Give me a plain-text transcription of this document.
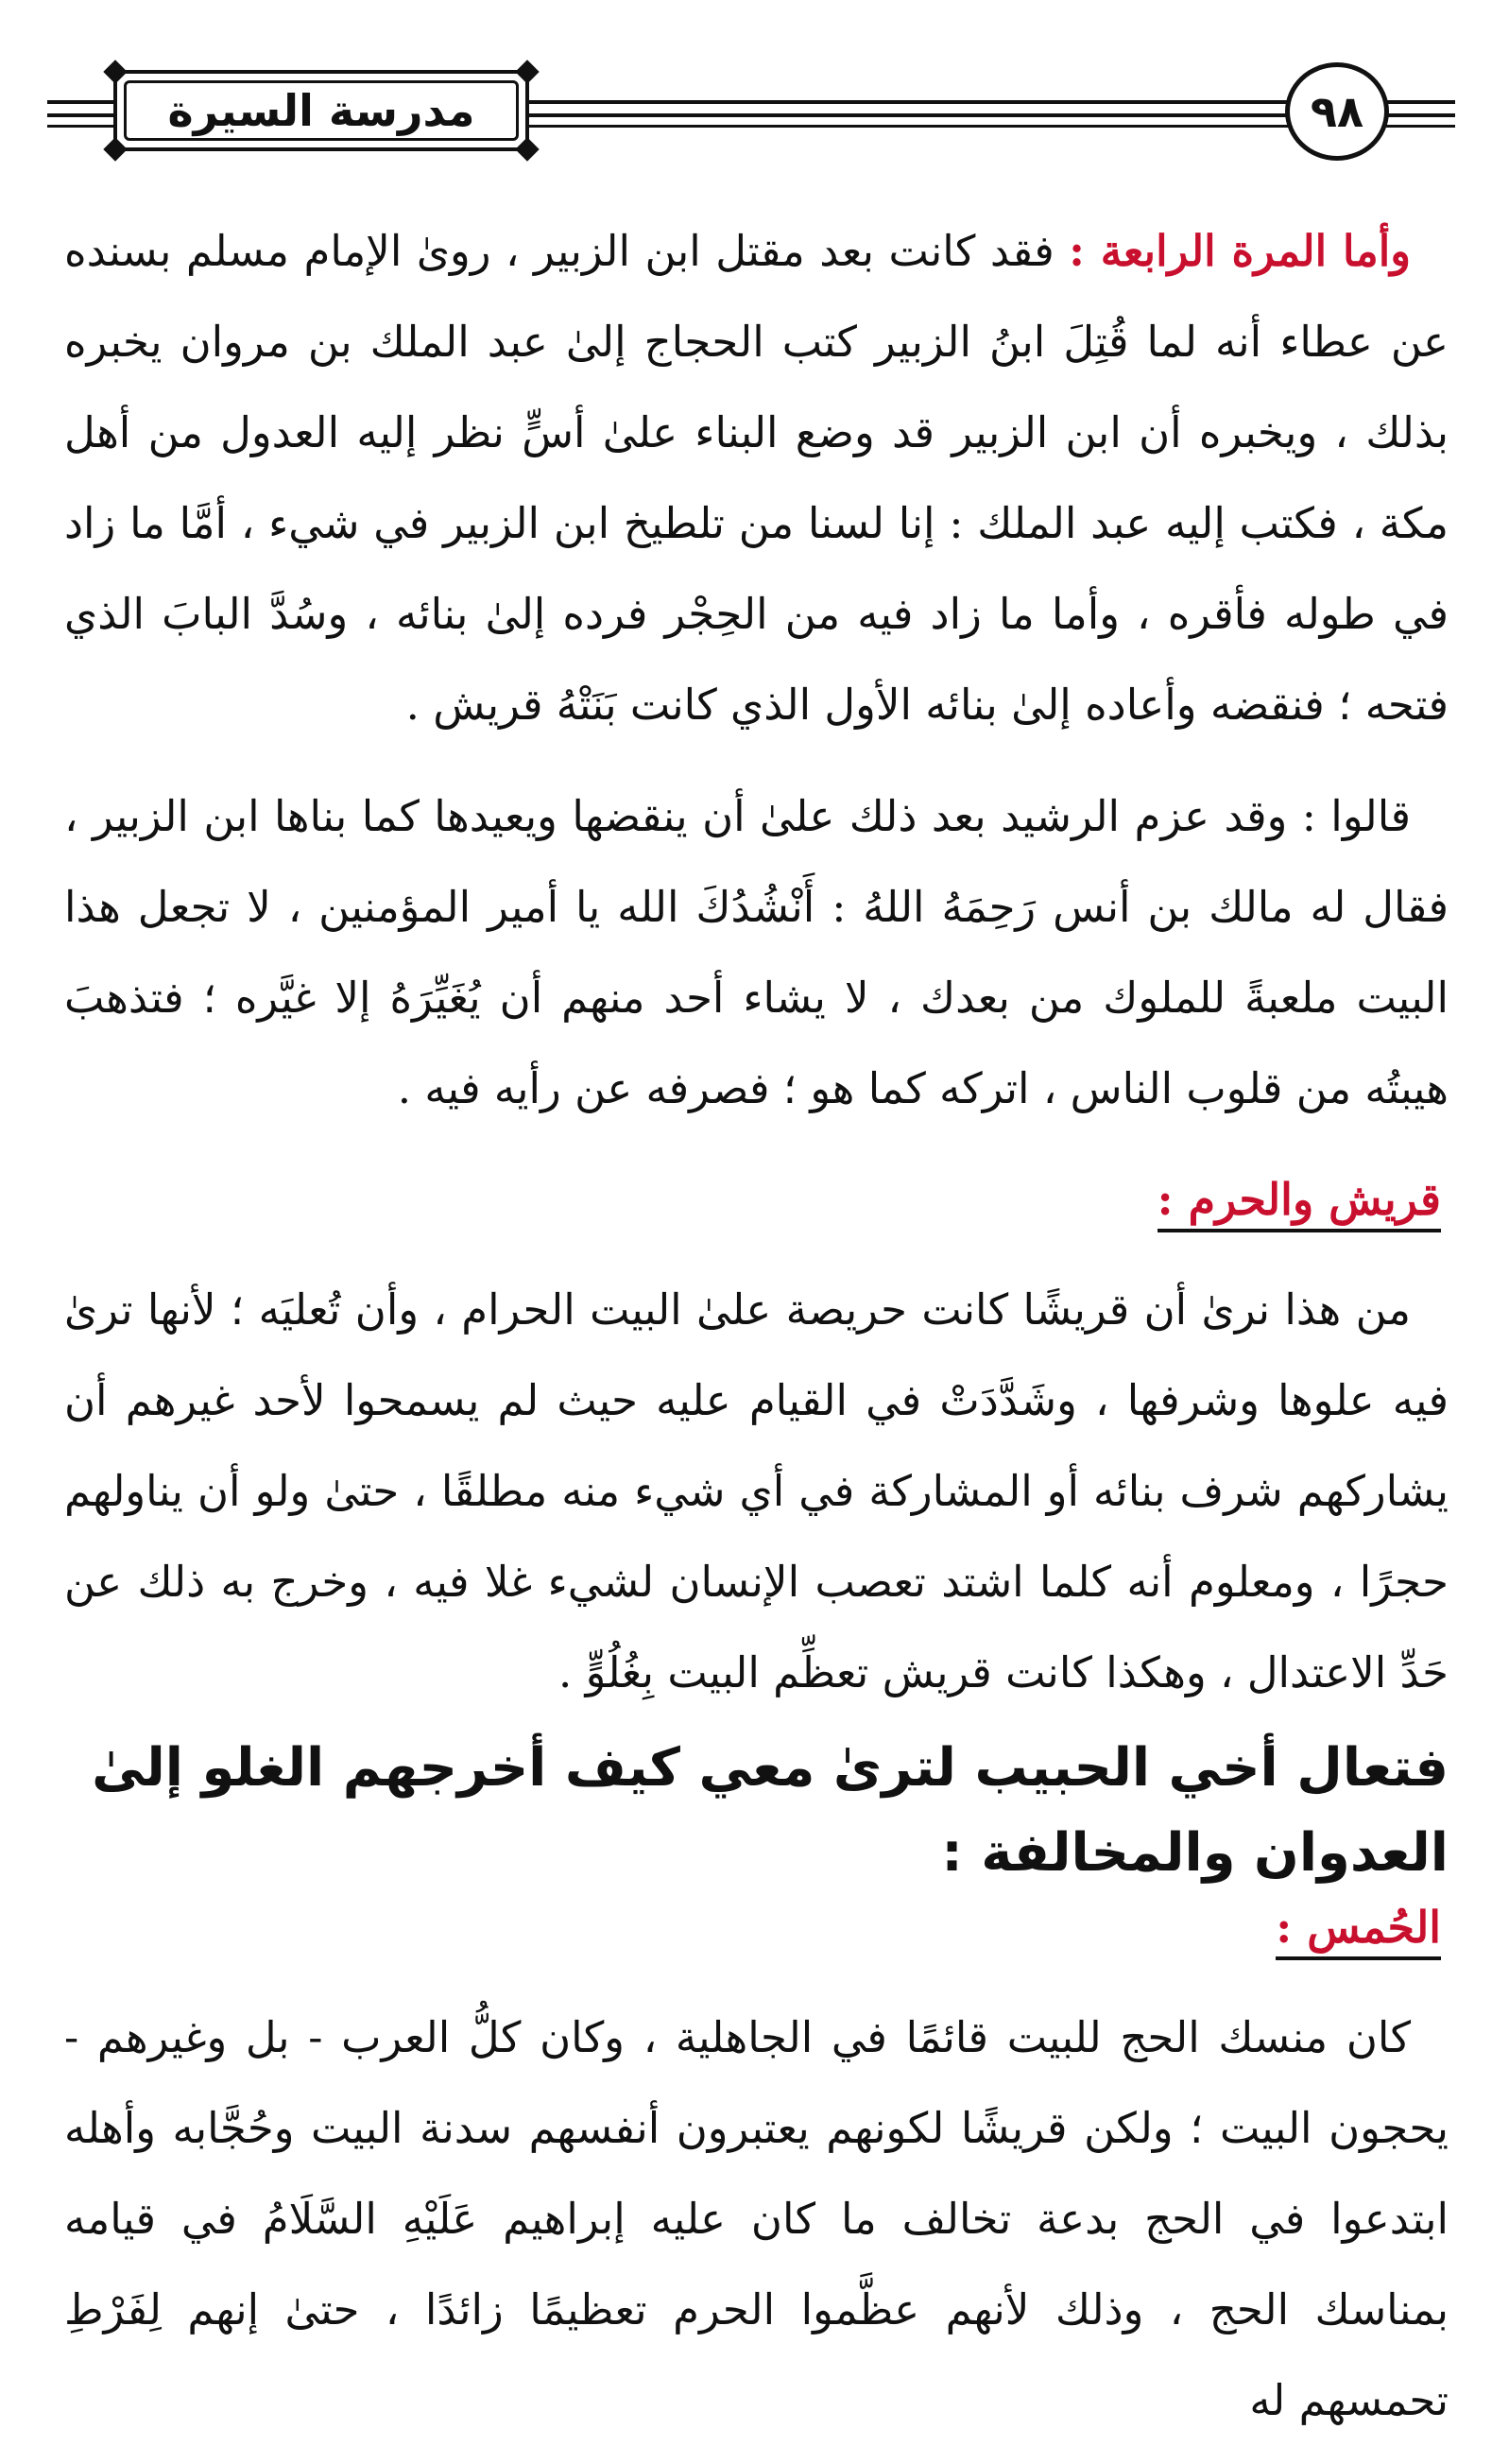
مدرسة السيرة	٩٨

وأما المرة الرابعة : فقد كانت بعد مقتل ابن الزبير ، روىٰ الإمام مسلم بسنده عن عطاء أنه لما قُتِلَ ابنُ الزبير كتب الحجاج إلىٰ عبد الملك بن مروان يخبره بذلك ، ويخبره أن ابن الزبير قد وضع البناء علىٰ أسٍّ نظر إليه العدول من أهل مكة ، فكتب إليه عبد الملك : إنا لسنا من تلطيخ ابن الزبير في شيء ، أمَّا ما زاد في طوله فأقره ، وأما ما زاد فيه من الحِجْر فرده إلىٰ بنائه ، وسُدَّ البابَ الذي فتحه ؛ فنقضه وأعاده إلىٰ بنائه الأول الذي كانت بَنَتْهُ قريش .

قالوا : وقد عزم الرشيد بعد ذلك علىٰ أن ينقضها ويعيدها كما بناها ابن الزبير ، فقال له مالك بن أنس رَحِمَهُ اللهُ : أَنْشُدُكَ الله يا أمير المؤمنين ، لا تجعل هذا البيت ملعبةً للملوك من بعدك ، لا يشاء أحد منهم أن يُغَيِّرَهُ إلا غيَّره ؛ فتذهبَ هيبتُه من قلوب الناس ، اتركه كما هو ؛ فصرفه عن رأيه فيه .

قريش والحرم :

من هذا نرىٰ أن قريشًا كانت حريصة علىٰ البيت الحرام ، وأن تُعليَه ؛ لأنها ترىٰ فيه علوها وشرفها ، وشَدَّدَتْ في القيام عليه حيث لم يسمحوا لأحد غيرهم أن يشاركهم شرف بنائه أو المشاركة في أي شيء منه مطلقًا ، حتىٰ ولو أن يناولهم حجرًا ، ومعلوم أنه كلما اشتد تعصب الإنسان لشيء غلا فيه ، وخرج به ذلك عن حَدِّ الاعتدال ، وهكذا كانت قريش تعظِّم البيت بِغُلُوٍّ .

فتعال أخي الحبيب لترىٰ معي كيف أخرجهم الغلو إلىٰ العدوان والمخالفة :

الحُمس :

كان منسك الحج للبيت قائمًا في الجاهلية ، وكان كلُّ العرب - بل وغيرهم - يحجون البيت ؛ ولكن قريشًا لكونهم يعتبرون أنفسهم سدنة البيت وحُجَّابه وأهله ابتدعوا في الحج بدعة تخالف ما كان عليه إبراهيم عَلَيْهِ السَّلَامُ في قيامه بمناسك الحج ، وذلك لأنهم عظَّموا الحرم تعظيمًا زائدًا ، حتىٰ إنهم لِفَرْطِ تحمسهم له
